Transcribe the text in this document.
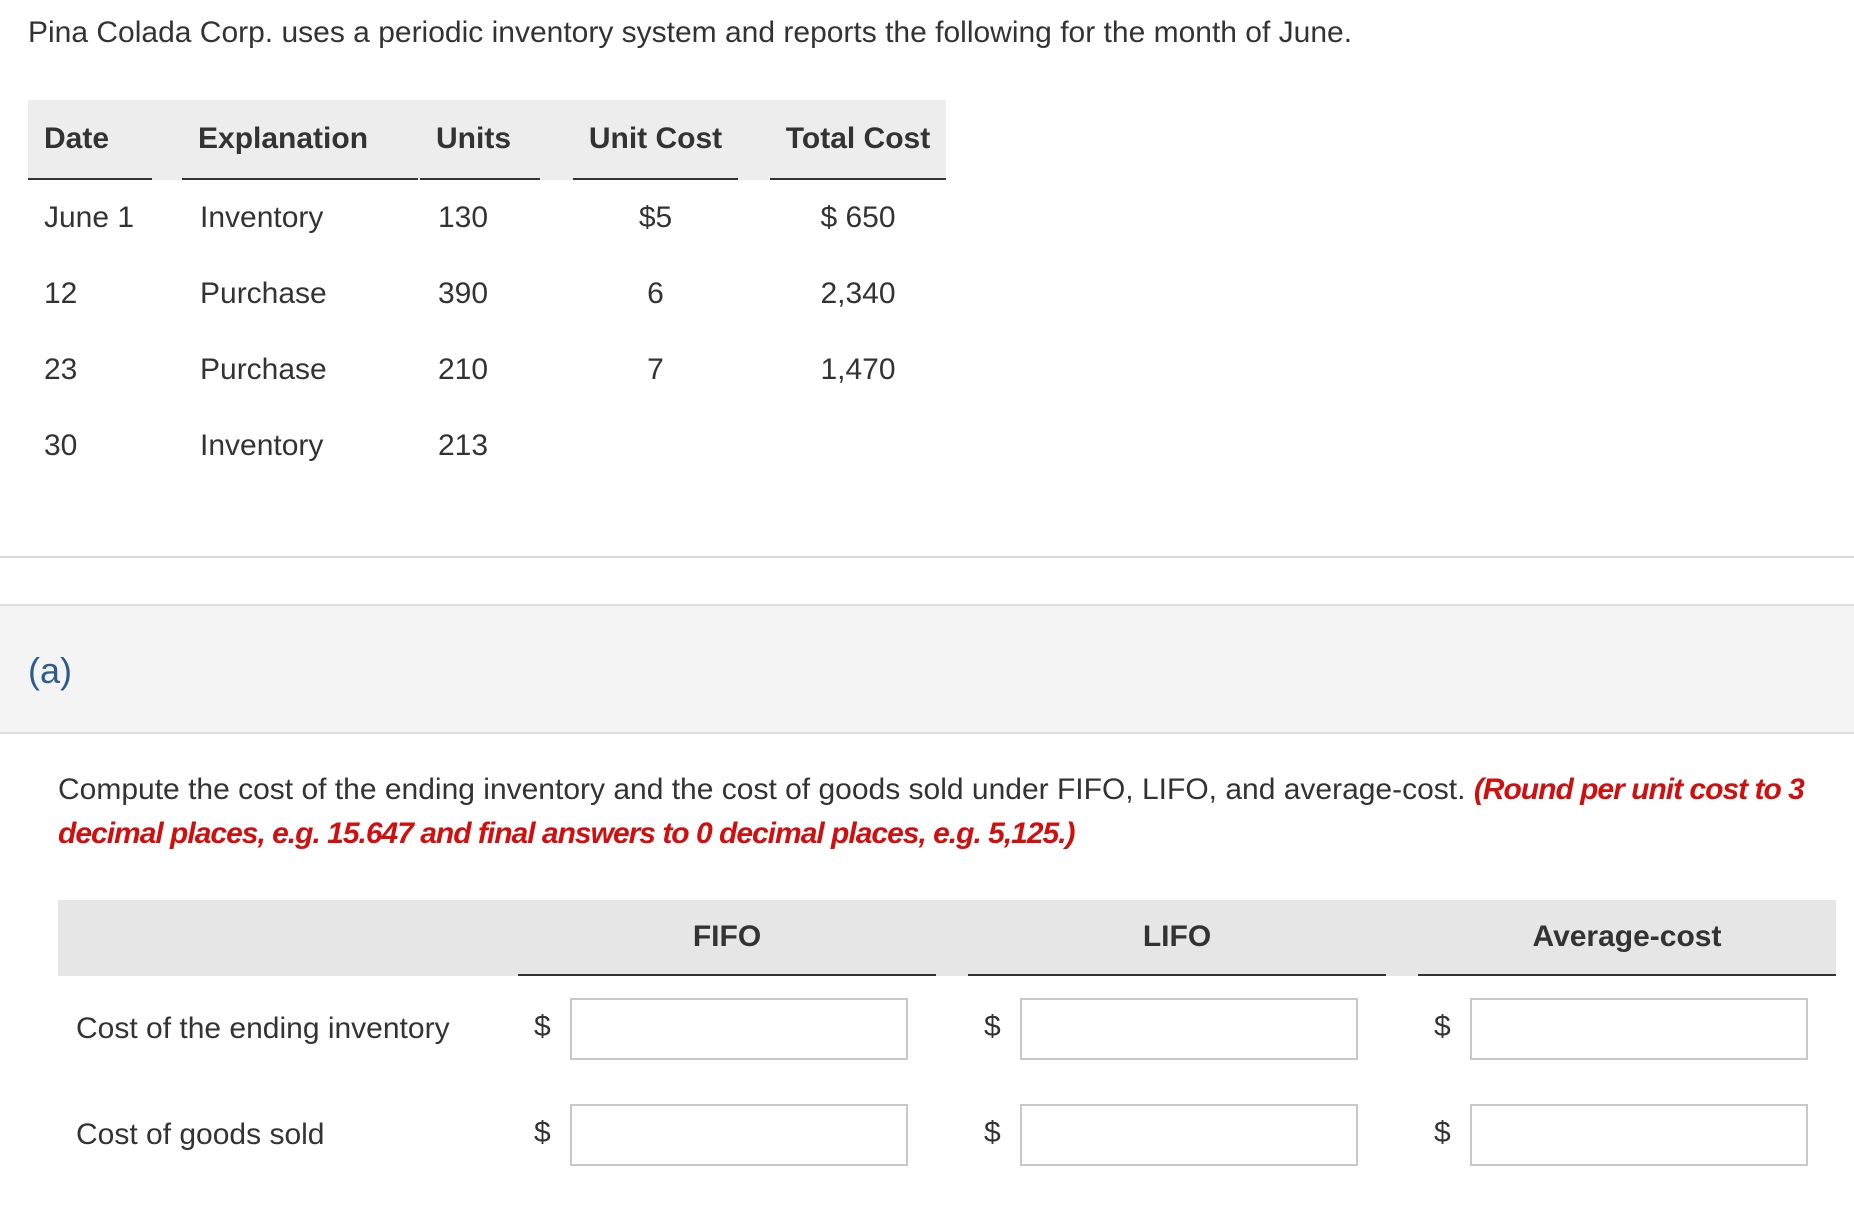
Pina Colada Corp. uses a periodic inventory system and reports the following for the month of June.
Date	Explanation	Units	Unit Cost	Total Cost
June 1 Inventory	130	$5	$ 650
12	Purchase	390	6	2,340
23	Purchase	210	7	1,470
30	Inventory	213
(a)
Compute the cost of the ending inventory and the cost of goods sold under FIFO, LIFO, and average-cost. (Round per unit cost to 3 decimal places, e.g. 15.647 and final answers to 0 decimal places, e.g. 5,125.)
FIFO	LIFO	Average-cost
Cost of the ending inventory	$	$	$
Cost of goods sold	$	$	$
